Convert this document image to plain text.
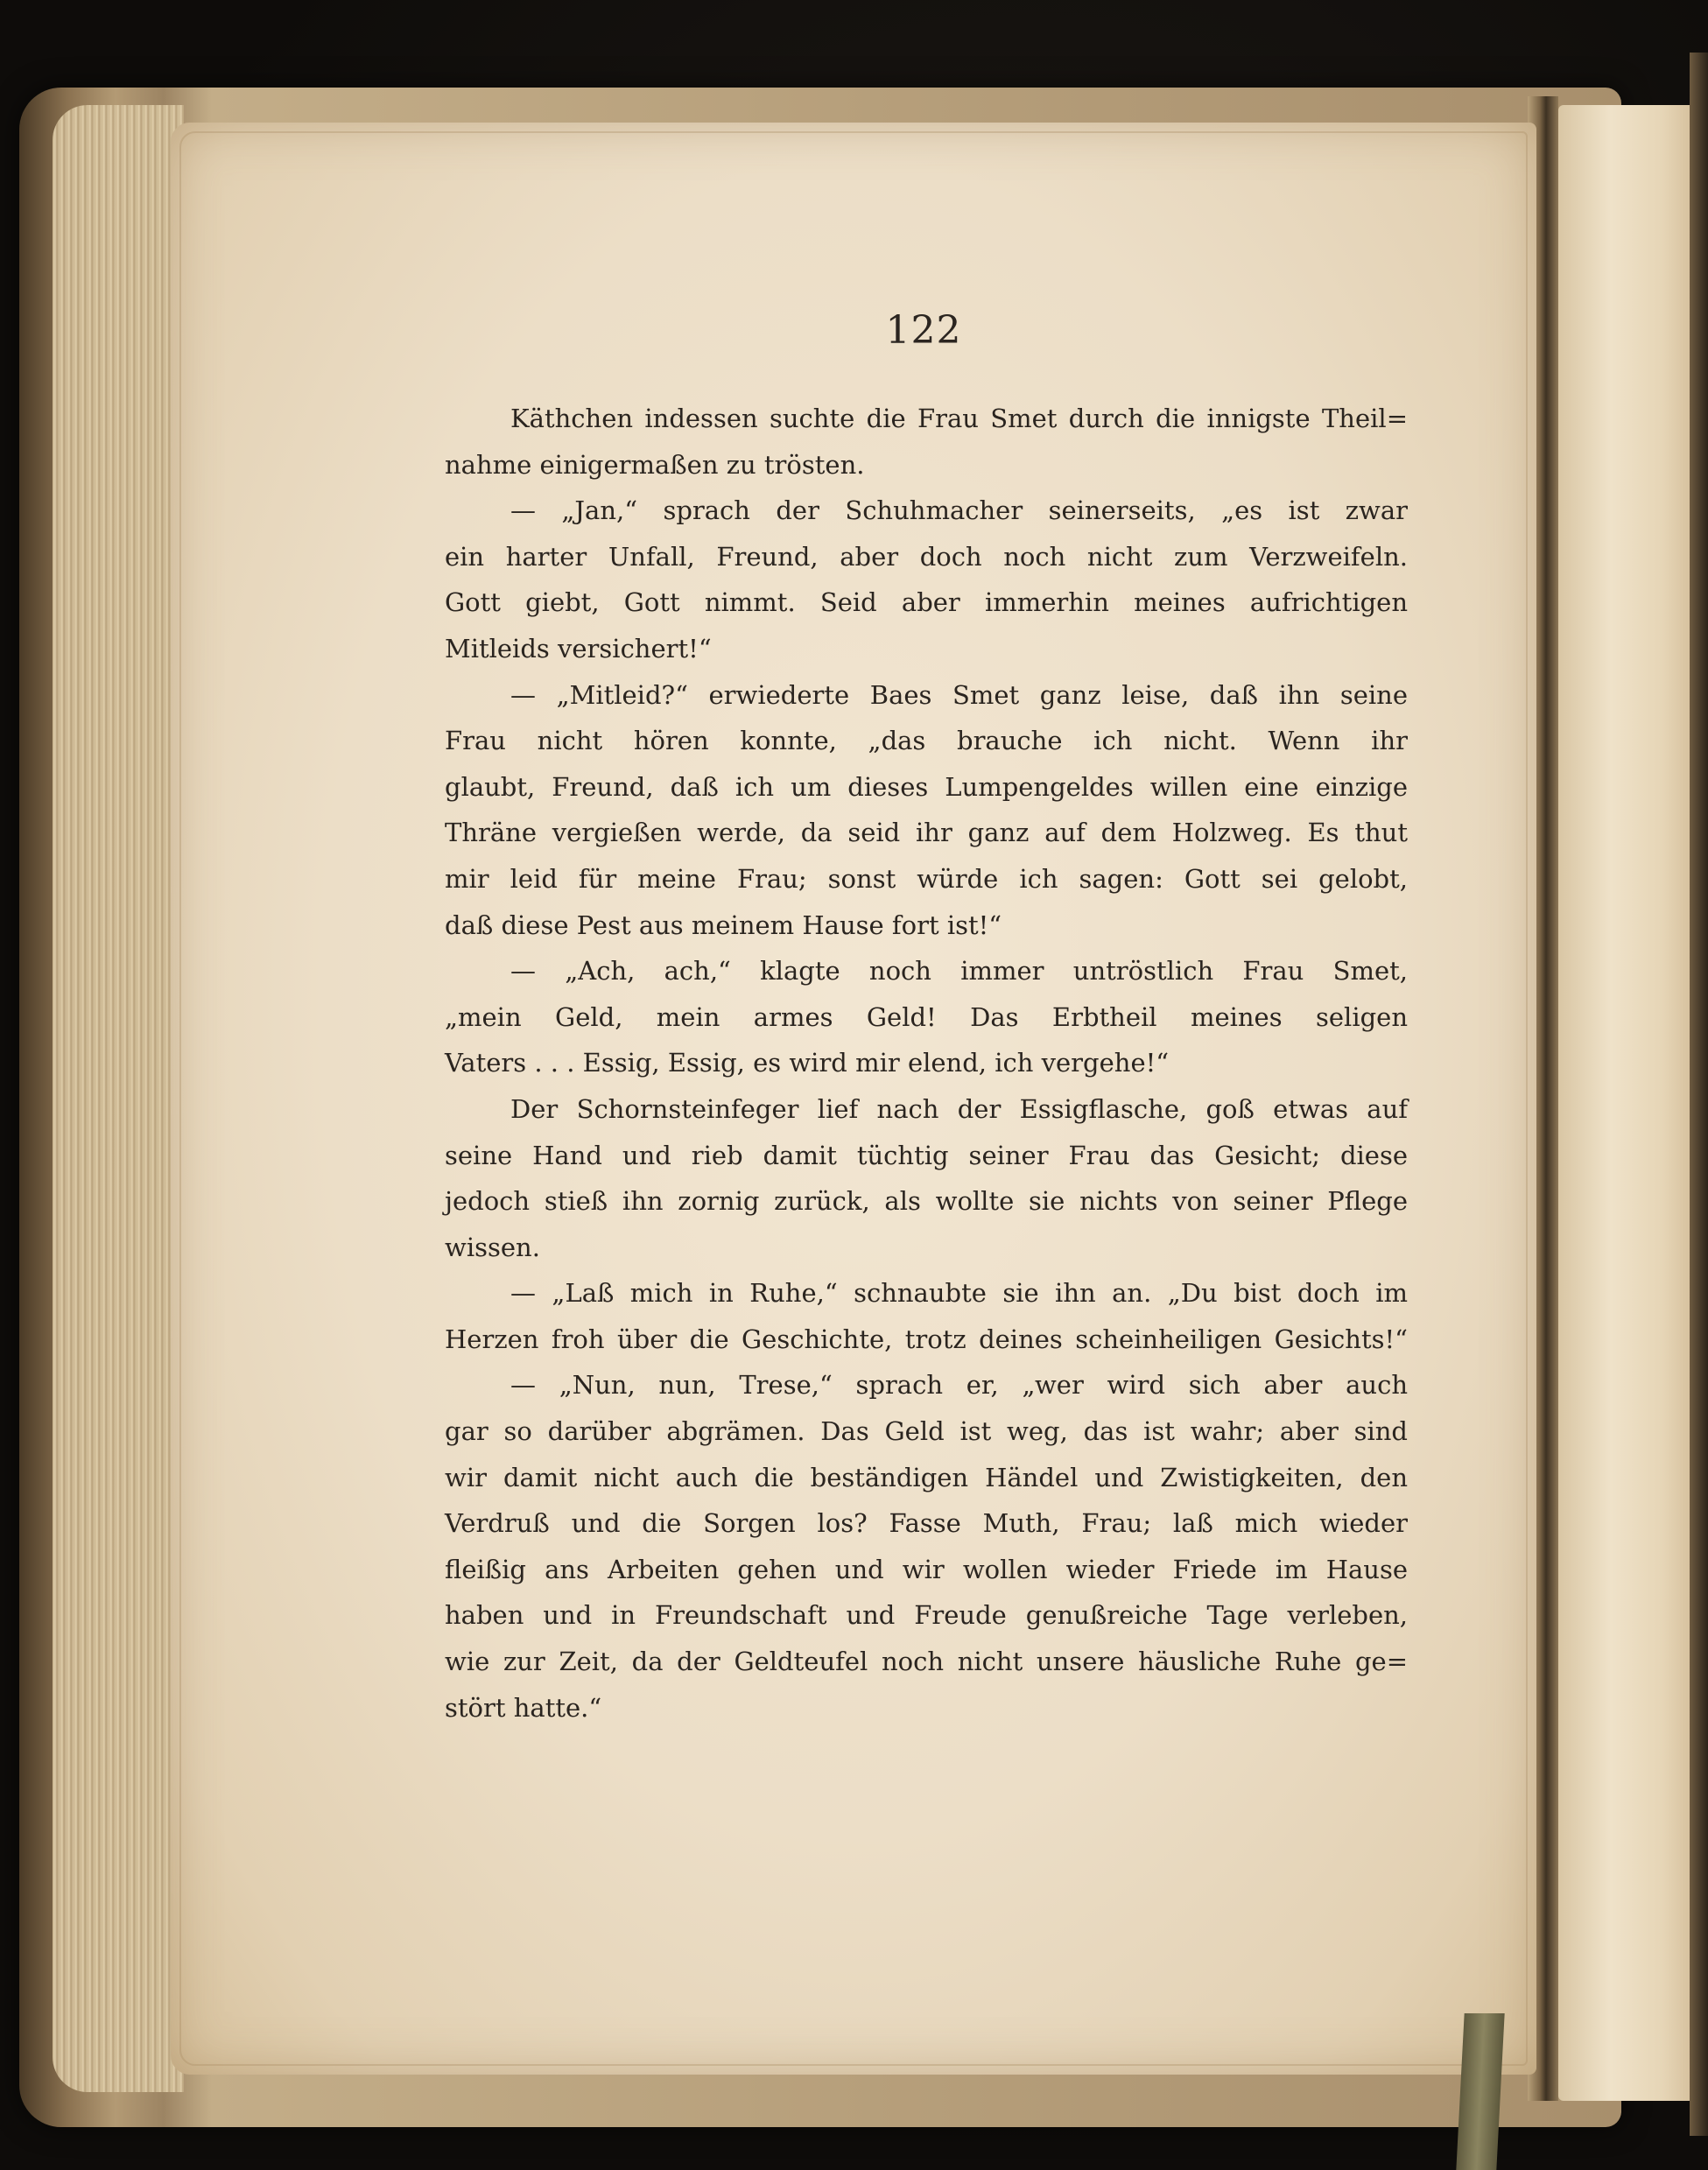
122
Käthchen indessen suchte die Frau Smet durch die innigste Theil=
nahme einigermaßen zu trösten.
— „Jan,“ sprach der Schuhmacher seinerseits, „es ist zwar
ein harter Unfall, Freund, aber doch noch nicht zum Verzweifeln.
Gott giebt, Gott nimmt. Seid aber immerhin meines aufrichtigen
Mitleids versichert!“
— „Mitleid?“ erwiederte Baes Smet ganz leise, daß ihn seine
Frau nicht hören konnte, „das brauche ich nicht. Wenn ihr
glaubt, Freund, daß ich um dieses Lumpengeldes willen eine einzige
Thräne vergießen werde, da seid ihr ganz auf dem Holzweg. Es thut
mir leid für meine Frau; sonst würde ich sagen: Gott sei gelobt,
daß diese Pest aus meinem Hause fort ist!“
— „Ach, ach,“ klagte noch immer untröstlich Frau Smet,
„mein Geld, mein armes Geld! Das Erbtheil meines seligen
Vaters . . . Essig, Essig, es wird mir elend, ich vergehe!“
Der Schornsteinfeger lief nach der Essigflasche, goß etwas auf
seine Hand und rieb damit tüchtig seiner Frau das Gesicht; diese
jedoch stieß ihn zornig zurück, als wollte sie nichts von seiner Pflege
wissen.
— „Laß mich in Ruhe,“ schnaubte sie ihn an. „Du bist doch im
Herzen froh über die Geschichte, trotz deines scheinheiligen Gesichts!“
— „Nun, nun, Trese,“ sprach er, „wer wird sich aber auch
gar so darüber abgrämen. Das Geld ist weg, das ist wahr; aber sind
wir damit nicht auch die beständigen Händel und Zwistigkeiten, den
Verdruß und die Sorgen los? Fasse Muth, Frau; laß mich wieder
fleißig ans Arbeiten gehen und wir wollen wieder Friede im Hause
haben und in Freundschaft und Freude genußreiche Tage verleben,
wie zur Zeit, da der Geldteufel noch nicht unsere häusliche Ruhe ge=
stört hatte.“
